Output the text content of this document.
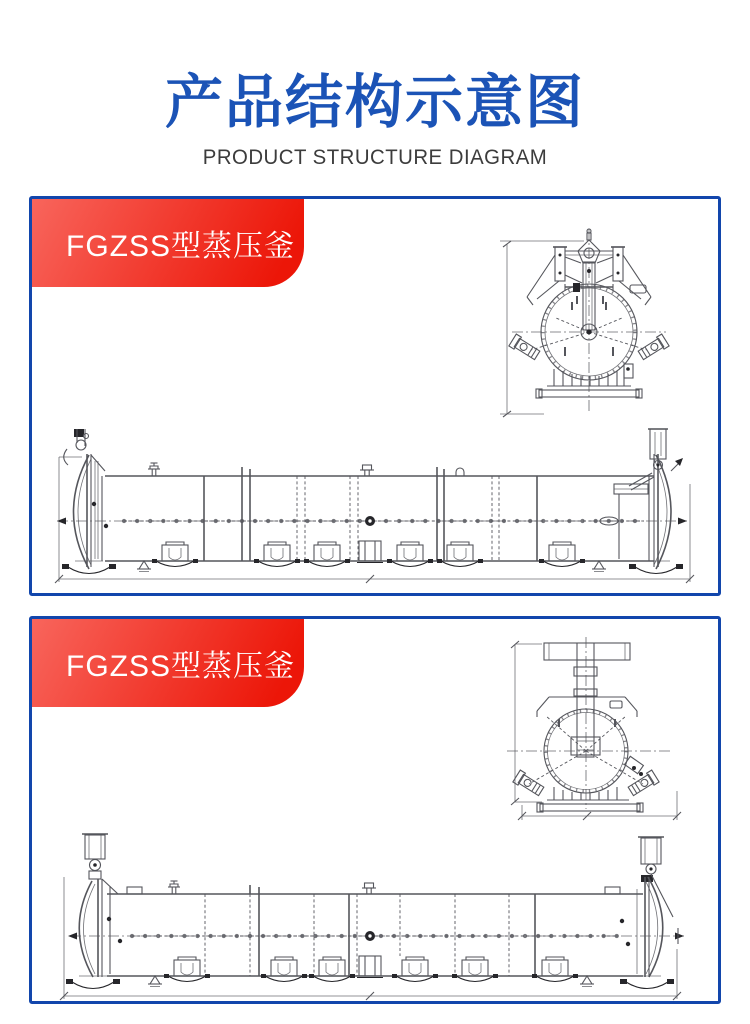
产品结构示意图
PRODUCT STRUCTURE DIAGRAM
FGZSS型蒸压釜
FGZSS型蒸压釜
